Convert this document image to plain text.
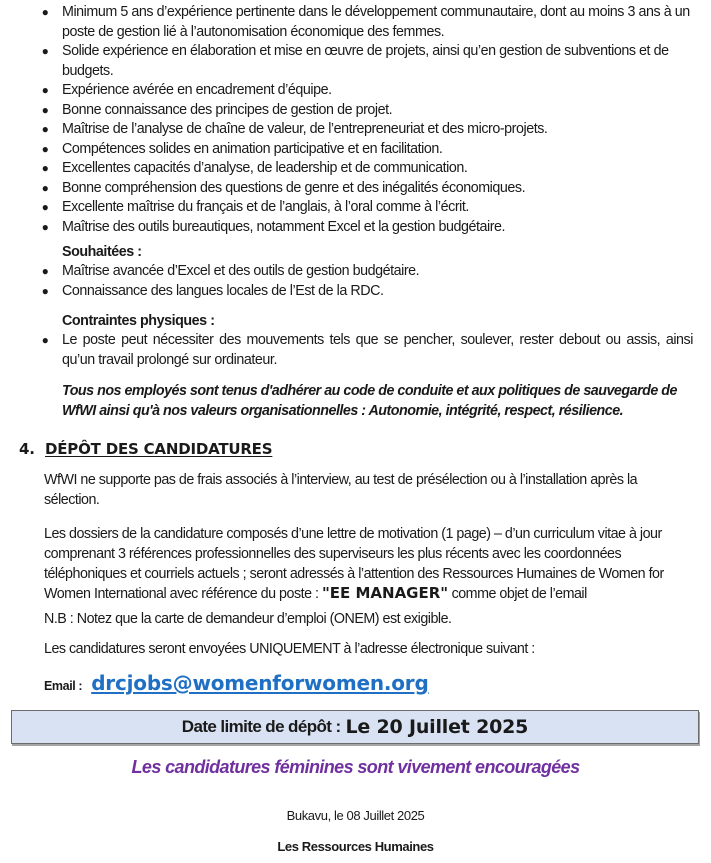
● Minimum 5 ans d’expérience pertinente dans le développement communautaire, dont au moins 3 ans à un poste de gestion lié à l’autonomisation économique des femmes.
● Solide expérience en élaboration et mise en œuvre de projets, ainsi qu’en gestion de subventions et de budgets.
● Expérience avérée en encadrement d’équipe.
● Bonne connaissance des principes de gestion de projet.
● Maîtrise de l’analyse de chaîne de valeur, de l’entrepreneuriat et des micro-projets.
● Compétences solides en animation participative et en facilitation.
● Excellentes capacités d’analyse, de leadership et de communication.
● Bonne compréhension des questions de genre et des inégalités économiques.
● Excellente maîtrise du français et de l’anglais, à l’oral comme à l’écrit.
● Maîtrise des outils bureautiques, notamment Excel et la gestion budgétaire.
Souhaitées :
● Maîtrise avancée d’Excel et des outils de gestion budgétaire.
● Connaissance des langues locales de l’Est de la RDC.
Contraintes physiques :
● Le poste peut nécessiter des mouvements tels que se pencher, soulever, rester debout ou assis, ainsi qu’un travail prolongé sur ordinateur.
Tous nos employés sont tenus d'adhérer au code de conduite et aux politiques de sauvegarde de WfWI ainsi qu'à nos valeurs organisationnelles : Autonomie, intégrité, respect, résilience.
4. DÉPÔT DES CANDIDATURES
WfWI ne supporte pas de frais associés à l’interview, au test de présélection ou à l’installation après la sélection.
Les dossiers de la candidature composés d’une lettre de motivation (1 page) – d’un curriculum vitae à jour comprenant 3 références professionnelles des superviseurs les plus récents avec les coordonnées téléphoniques et courriels actuels ; seront adressés à l’attention des Ressources Humaines de Women for Women International avec référence du poste : "EE MANAGER" comme objet de l’email
N.B : Notez que la carte de demandeur d’emploi (ONEM) est exigible.
Les candidatures seront envoyées UNIQUEMENT à l’adresse électronique suivant :
Email : drcjobs@womenforwomen.org
Date limite de dépôt : Le 20 Juillet 2025
Les candidatures féminines sont vivement encouragées
Bukavu, le 08 Juillet 2025
Les Ressources Humaines
